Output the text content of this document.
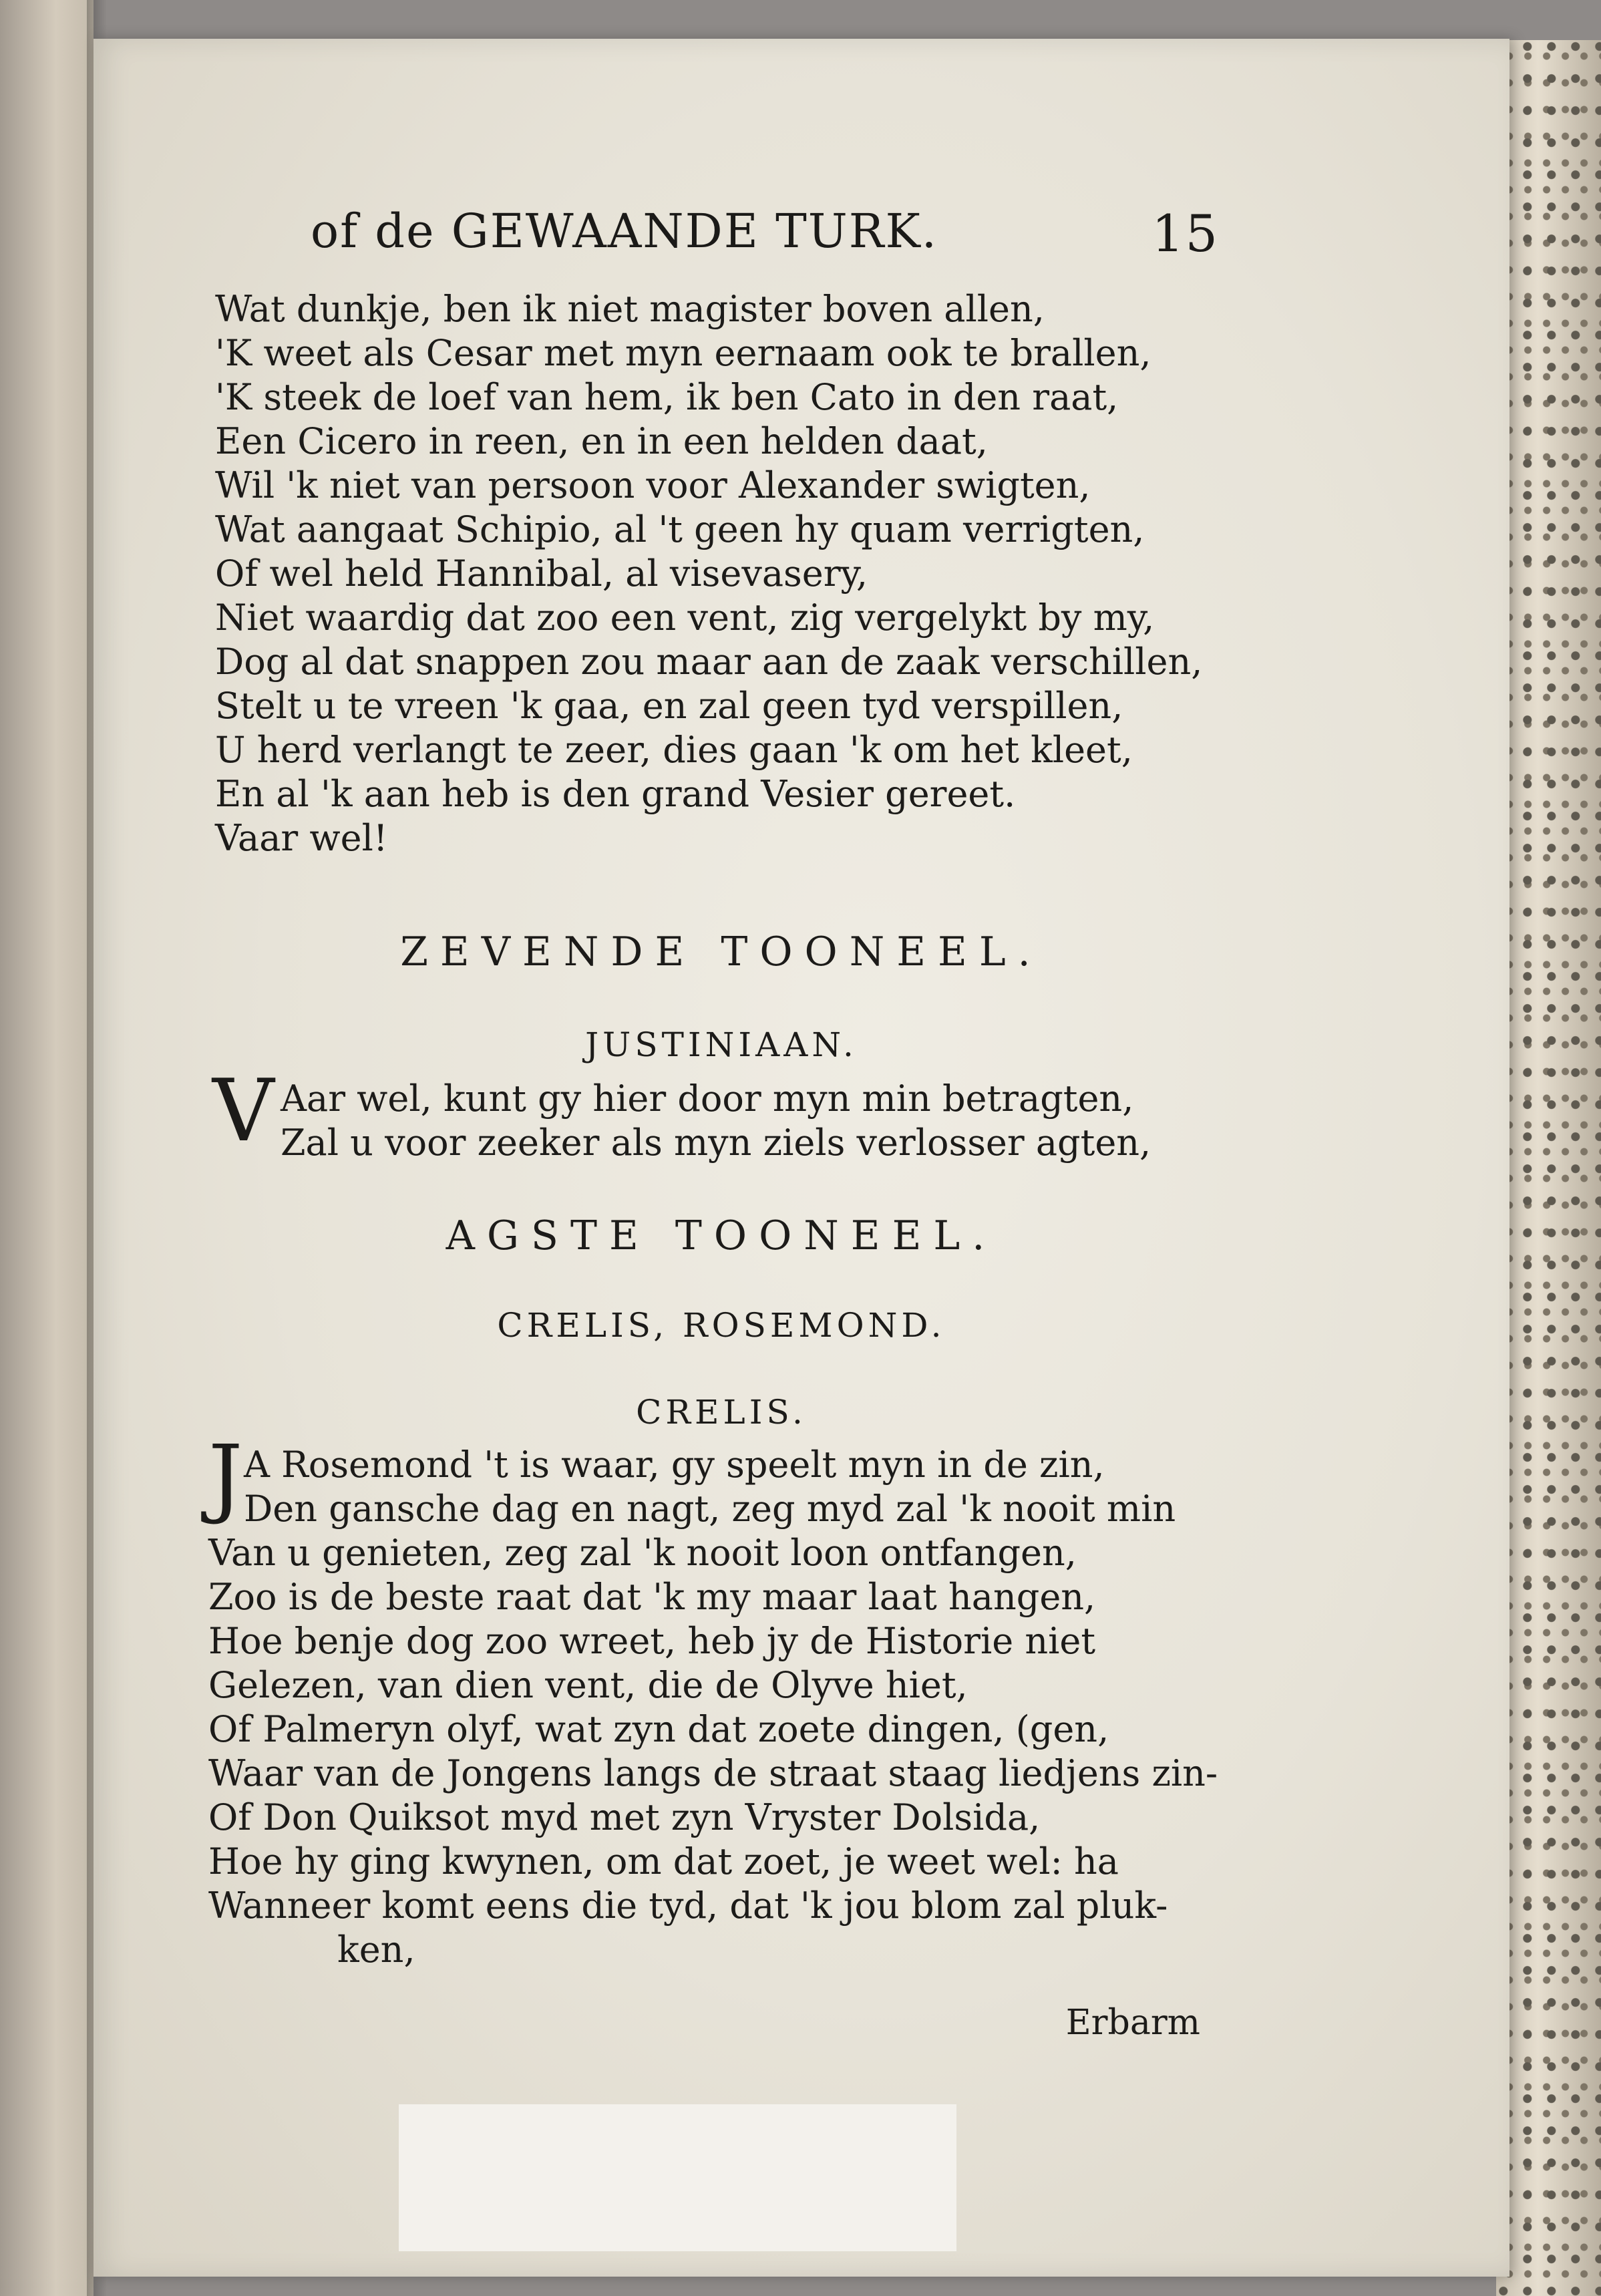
of de GEWAANDE TURK.	15
Wat dunkje, ben ik niet magister boven allen,
'K weet als Cesar met myn eernaam ook te brallen,
'K steek de loef van hem, ik ben Cato in den raat,
Een Cicero in reen, en in een helden daat,
Wil 'k niet van persoon voor Alexander swigten,
Wat aangaat Schipio, al 't geen hy quam verrigten,
Of wel held Hannibal, al visevasery,
Niet waardig dat zoo een vent, zig vergelykt by my,
Dog al dat snappen zou maar aan de zaak verschillen,
Stelt u te vreen 'k gaa, en zal geen tyd verspillen,
U herd verlangt te zeer, dies gaan 'k om het kleet,
En al 'k aan heb is den grand Vesier gereet.
Vaar wel!
ZEVENDE TOONEEL.
JUSTINIAAN.
V Aar wel, kunt gy hier door myn min betragten,
Zal u voor zeeker als myn ziels verlosser agten,
AGSTE TOONEEL.
CRELIS, ROSEMOND.
CRELIS.
J A Rosemond 't is waar, gy speelt myn in de zin,
Den gansche dag en nagt, zeg myd zal 'k nooit min
Van u genieten, zeg zal 'k nooit loon ontfangen,
Zoo is de beste raat dat 'k my maar laat hangen,
Hoe benje dog zoo wreet, heb jy de Historie niet
Gelezen, van dien vent, die de Olyve hiet,
Of Palmeryn olyf, wat zyn dat zoete dingen, (gen,
Waar van de Jongens langs de straat staag liedjens zin-
Of Don Quiksot myd met zyn Vryster Dolsida,
Hoe hy ging kwynen, om dat zoet, je weet wel: ha
Wanneer komt eens die tyd, dat 'k jou blom zal pluk-
ken,
Erbarm
